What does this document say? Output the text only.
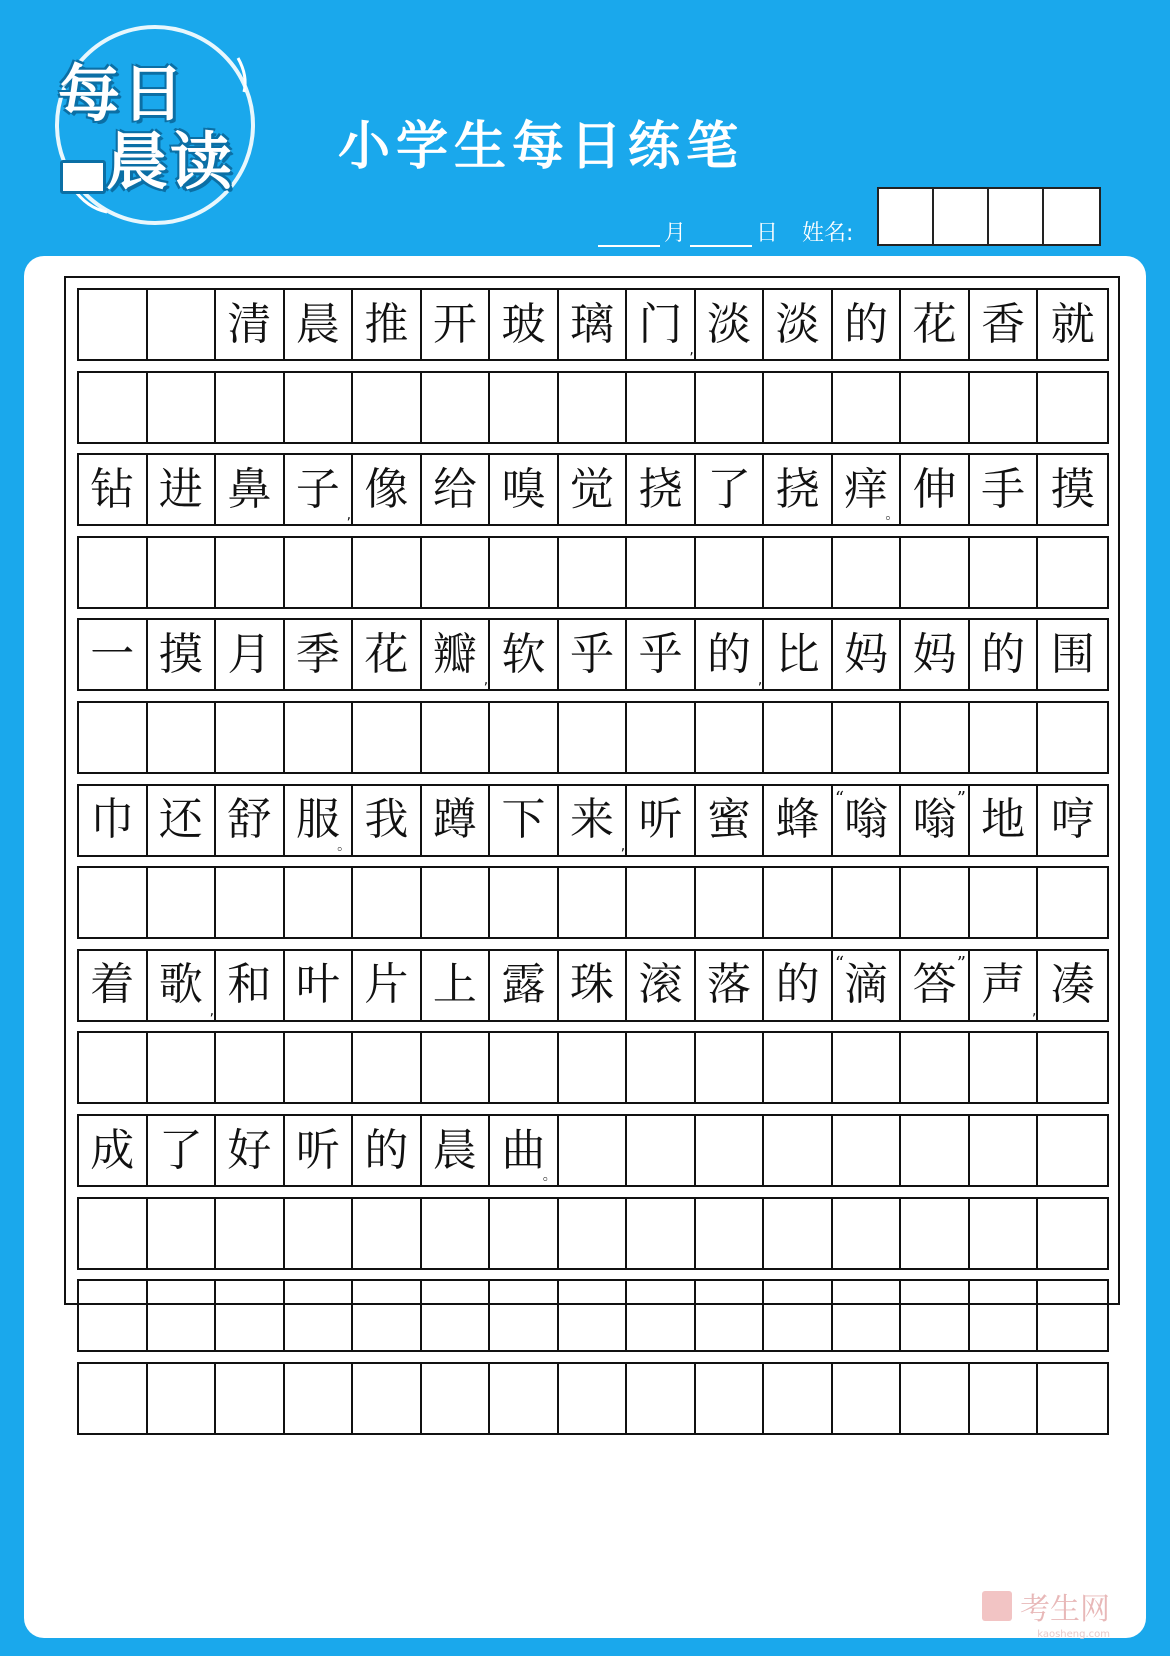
每日
晨读 小学生每日练笔
月	日 姓名:
清 晨 推 开 玻 璃 门
,
淡 淡 的 花 香 就
钻 进 鼻 子
,
像 给 嗅 觉 挠 了 挠 痒
。
伸 手 摸
一 摸 月 季 花 瓣
,
软 乎 乎 的
,
比 妈 妈 的 围
巾 还 舒 服
。
我 蹲 下 来
,
听 蜜 蜂 嗡
“ 嗡 ” 地 哼
着 歌
,
和 叶 片 上 露 珠 滚 落 的 滴
“ 答 ” 声
,
凑
成 了 好 听 的 晨 曲
。
考生网
kaosheng.com
